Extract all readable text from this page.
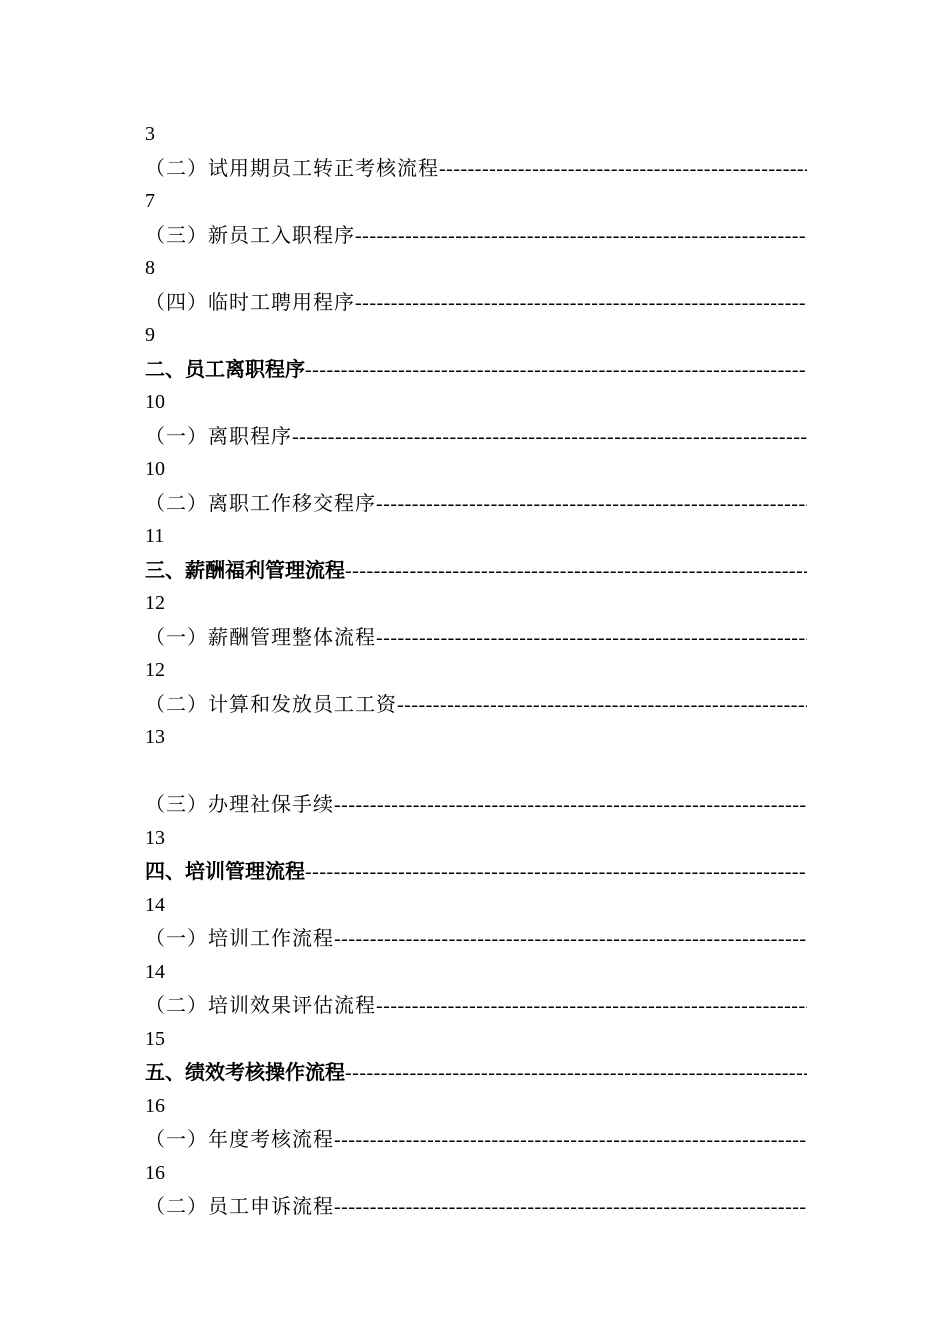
3
（二）试用期员工转正考核流程
-----
7
（三）新员工入职程序
-----
8
（四）临时工聘用程序
-----
9
二、员工离职程序
-----
10
（一）离职程序
-----
10
（二）离职工作移交程序
-----
11
三、薪酬福利管理流程
-----
12
（一）薪酬管理整体流程
-----
12
（二）计算和发放员工工资
-----
13
（三）办理社保手续
-----
13
四、培训管理流程
-----
14
（一）培训工作流程
-----
14
（二）培训效果评估流程
-----
15
五、绩效考核操作流程
-----
16
（一）年度考核流程
-----
16
（二）员工申诉流程
-----
